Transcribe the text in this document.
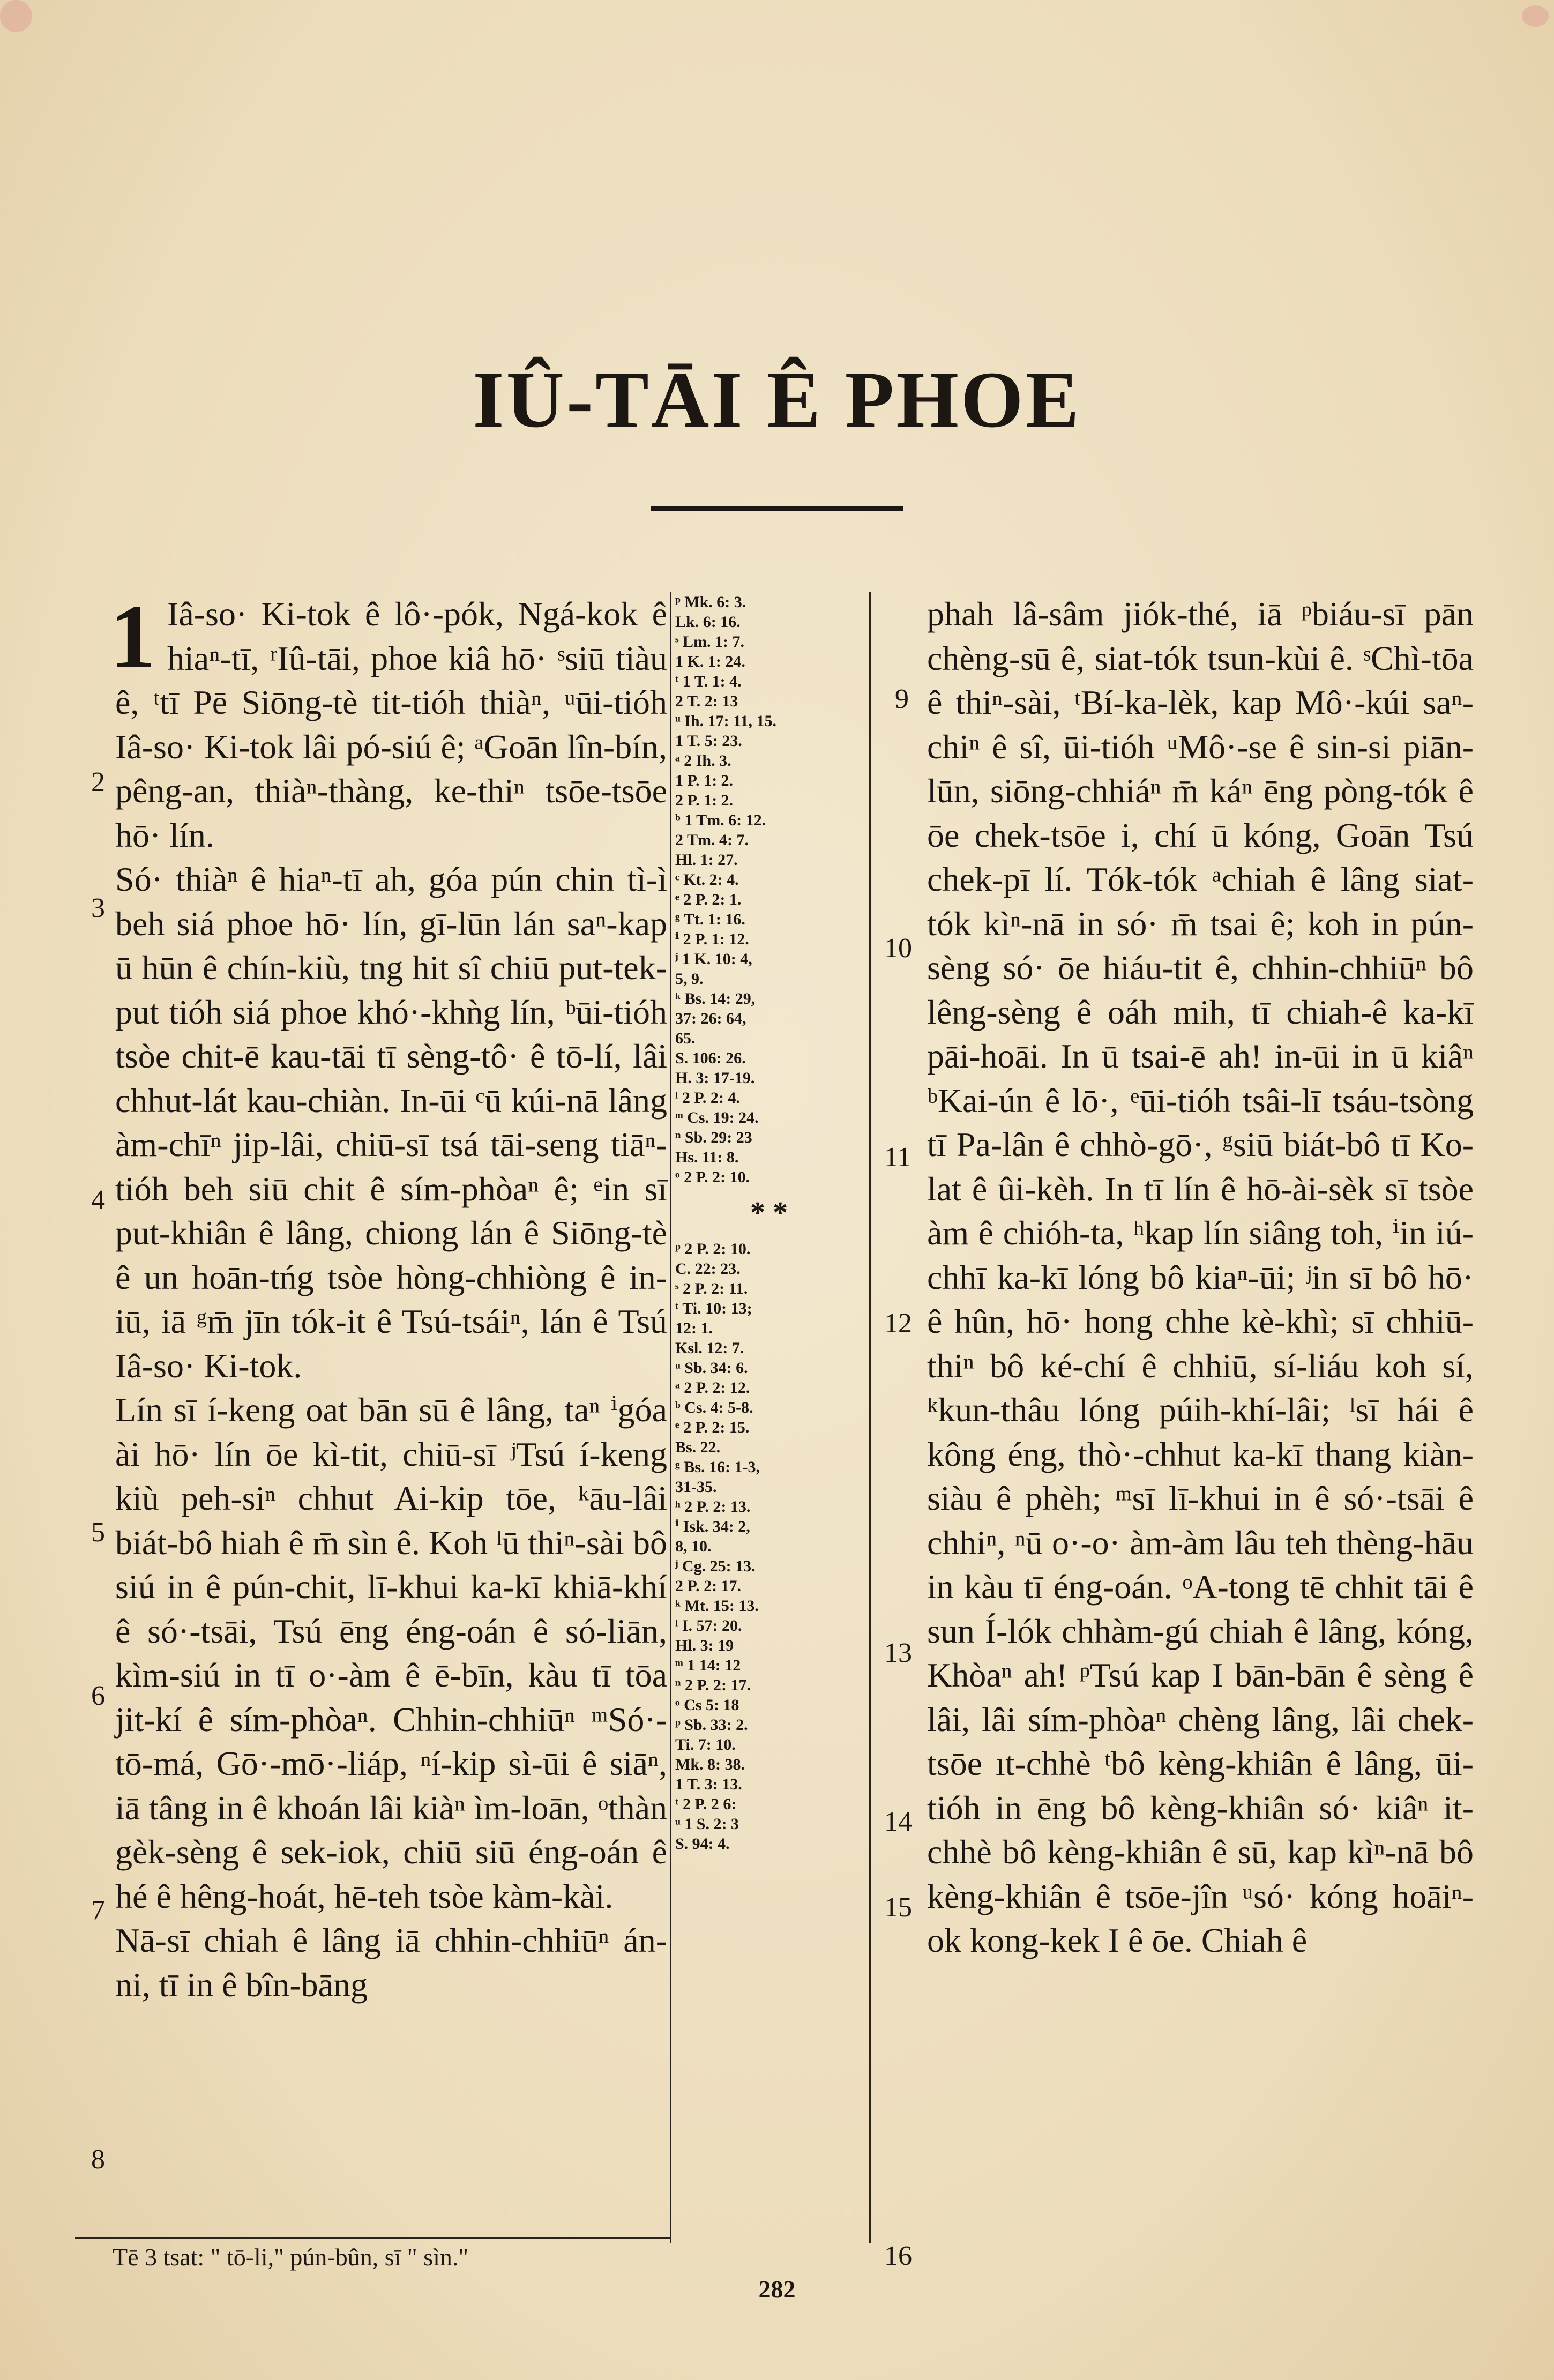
IÛ-TĀI Ê PHOE
1 Iâ-so· Ki-tok ê lô·-pók, Ngá-kok ê hiaⁿ-tī, ʳIû-tāi, phoe kiâ hō· ˢsiū tiàu ê, ᵗtī Pē Siōng-tè tit-tióh thiàⁿ, ᵘūi-tióh Iâ-so· Ki-tok lâi pó-siú ê; ᵃGoān lîn-bín, pêng-an, thiàⁿ-thàng, ke-thiⁿ tsōe-tsōe hō· lín.
Só· thiàⁿ ê hiaⁿ-tī ah, góa pún chin tì-ì beh siá phoe hō· lín, gī-lūn lán saⁿ-kap ū hūn ê chín-kiù, tng hit sî chiū put-tek-put tióh siá phoe khó·-khǹg lín, ᵇūi-tióh tsòe chit-ē kau-tāi tī sèng-tô· ê tō-lí, lâi chhut-lát kau-chiàn. In-ūi ᶜū kúi-nā lâng àm-chīⁿ jip-lâi, chiū-sī tsá tāi-seng tiāⁿ-tióh beh siū chit ê sím-phòaⁿ ê; ᵉin sī put-khiân ê lâng, chiong lán ê Siōng-tè ê un hoān-tńg tsòe hòng-chhiòng ê in-iū, iā ᵍm̄ jīn tók-it ê Tsú-tsáiⁿ, lán ê Tsú Iâ-so· Ki-tok.
Lín sī í-keng oat bān sū ê lâng, taⁿ ⁱgóa ài hō· lín ōe kì-tit, chiū-sī ʲTsú í-keng kiù peh-siⁿ chhut Ai-kip tōe, ᵏāu-lâi biát-bô hiah ê m̄ sìn ê. Koh ˡū thiⁿ-sài bô siú in ê pún-chit, lī-khui ka-kī khiā-khí ê só·-tsāi, Tsú ēng éng-oán ê só-liān, kìm-siú in tī o·-àm ê ē-bīn, kàu tī tōa jit-kí ê sím-phòaⁿ. Chhin-chhiūⁿ ᵐSó·-tō-má, Gō·-mō·-liáp, ⁿí-kip sì-ūi ê siāⁿ, iā tâng in ê khoán lâi kiàⁿ ìm-loān, ᵒthàn gèk-sèng ê sek-iok, chiū siū éng-oán ê hé ê hêng-hoát, hē-teh tsòe kàm-kài.
Nā-sī chiah ê lâng iā chhin-chhiūⁿ án-ni, tī in ê bîn-bāng
2
3
4
5
6
7
8
ᵖ Mk. 6: 3.
Lk. 6: 16.
ˢ Lm. 1: 7.
1 K. 1: 24.
ᵗ 1 T. 1: 4.
2 T. 2: 13
ᵘ Ih. 17: 11, 15.
1 T. 5: 23.
ᵃ 2 Ih. 3.
1 P. 1: 2.
2 P. 1: 2.
ᵇ 1 Tm. 6: 12.
2 Tm. 4: 7.
Hl. 1: 27.
ᶜ Kt. 2: 4.
ᵉ 2 P. 2: 1.
ᵍ Tt. 1: 16.
ⁱ 2 P. 1: 12.
ʲ 1 K. 10: 4,
5, 9.
ᵏ Bs. 14: 29,
37: 26: 64,
65.
S. 106: 26.
H. 3: 17-19.
ˡ 2 P. 2: 4.
ᵐ Cs. 19: 24.
ⁿ Sb. 29: 23
Hs. 11: 8.
ᵒ 2 P. 2: 10.
* *
ᵖ 2 P. 2: 10.
C. 22: 23.
ˢ 2 P. 2: 11.
ᵗ Ti. 10: 13;
12: 1.
Ksl. 12: 7.
ᵘ Sb. 34: 6.
ᵃ 2 P. 2: 12.
ᵇ Cs. 4: 5-8.
ᵉ 2 P. 2: 15.
Bs. 22.
ᵍ Bs. 16: 1-3,
31-35.
ʰ 2 P. 2: 13.
ⁱ Isk. 34: 2,
8, 10.
ʲ Cg. 25: 13.
2 P. 2: 17.
ᵏ Mt. 15: 13.
ˡ I. 57: 20.
Hl. 3: 19
ᵐ 1 14: 12
ⁿ 2 P. 2: 17.
ᵒ Cs 5: 18
ᵖ Sb. 33: 2.
Ti. 7: 10.
Mk. 8: 38.
1 T. 3: 13.
ᵗ 2 P. 2 6:
ᵘ 1 S. 2: 3
S. 94: 4.
phah lâ-sâm jiók-thé, iā ᵖbiáu-sī pān chèng-sū ê, siat-tók tsun-kùi ê. ˢChì-tōa ê thiⁿ-sài, ᵗBí-ka-lèk, kap Mô·-kúi saⁿ-chiⁿ ê sî, ūi-tióh ᵘMô·-se ê sin-si piān-lūn, siōng-chhiáⁿ m̄ káⁿ ēng pòng-tók ê ōe chek-tsōe i, chí ū kóng, Goān Tsú chek-pī lí. Tók-tók ᵃchiah ê lâng siat-tók kìⁿ-nā in só· m̄ tsai ê; koh in pún-sèng só· ōe hiáu-tit ê, chhin-chhiūⁿ bô lêng-sèng ê oáh mih, tī chiah-ê ka-kī pāi-hoāi. In ū tsai-ē ah! in-ūi in ū kiâⁿ ᵇKai-ún ê lō·, ᵉūi-tióh tsâi-lī tsáu-tsòng tī Pa-lân ê chhò-gō·, ᵍsiū biát-bô tī Ko-lat ê ûi-kèh. In tī lín ê hō-ài-sèk sī tsòe àm ê chióh-ta, ʰkap lín siâng toh, ⁱin iú-chhī ka-kī lóng bô kiaⁿ-ūi; ʲin sī bô hō· ê hûn, hō· hong chhe kè-khì; sī chhiū-thiⁿ bô ké-chí ê chhiū, sí-liáu koh sí, ᵏkun-thâu lóng púih-khí-lâi; ˡsī hái ê kông éng, thò·-chhut ka-kī thang kiàn-siàu ê phèh; ᵐsī lī-khui in ê só·-tsāi ê chhiⁿ, ⁿū o·-o· àm-àm lâu teh thèng-hāu in kàu tī éng-oán. ᵒA-tong tē chhit tāi ê sun Í-lók chhàm-gú chiah ê lâng, kóng, Khòaⁿ ah! ᵖTsú kap I bān-bān ê sèng ê lâi, lâi sím-phòaⁿ chèng lâng, lâi chek-tsōe ıt-chhè ᵗbô kèng-khiân ê lâng, ūi-tióh in ēng bô kèng-khiân só· kiâⁿ it-chhè bô kèng-khiân ê sū, kap kìⁿ-nā bô kèng-khiân ê tsōe-jîn ᵘsó· kóng hoāiⁿ-ok kong-kek I ê ōe. Chiah ê
9
10
11
12
13
14
15
16
Tē 3 tsat: " tō-li," pún-bûn, sī " sìn."
282
